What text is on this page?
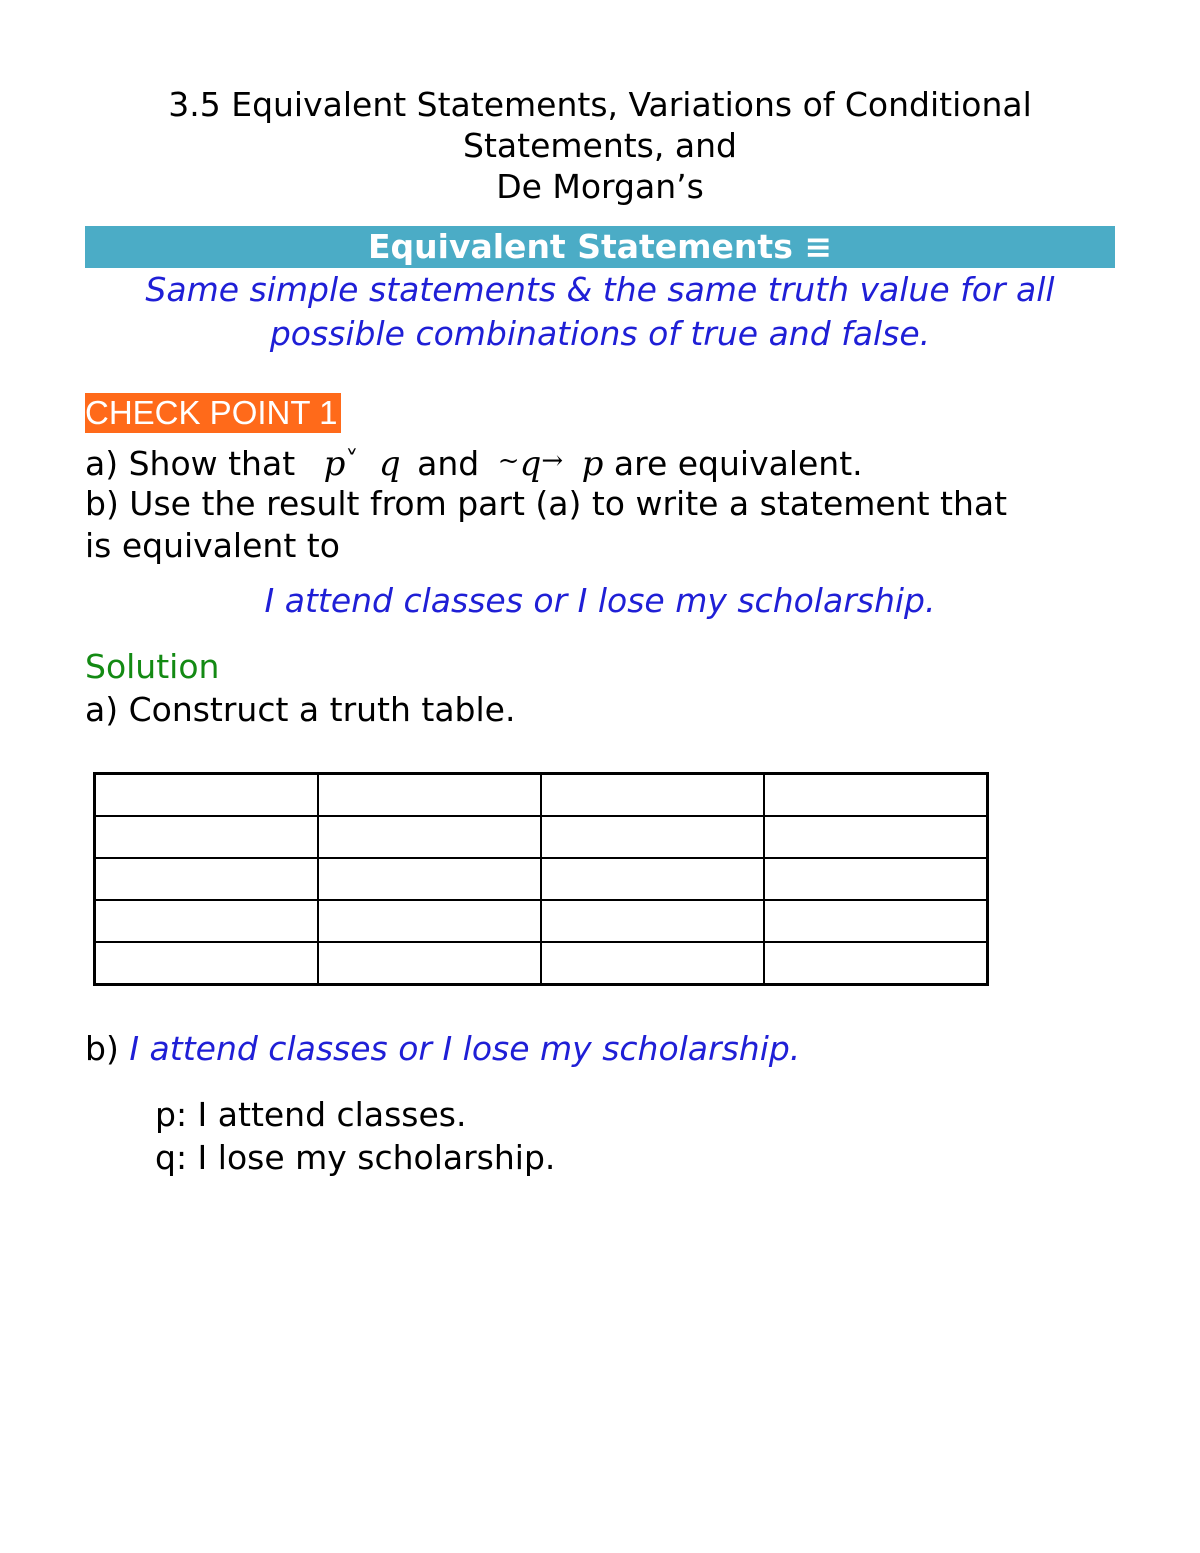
3.5 Equivalent Statements, Variations of Conditional
Statements, and
De Morgan’s
Equivalent Statements ≡
Same simple statements & the same truth value for all
possible combinations of true and false.
CHECK POINT 1
a) Show that p˅ q and ~q→ p are equivalent.
b) Use the result from part (a) to write a statement that
is equivalent to
I attend classes or I lose my scholarship.
Solution
a) Construct a truth table.

b) I attend classes or I lose my scholarship.
p: I attend classes.
q: I lose my scholarship.
